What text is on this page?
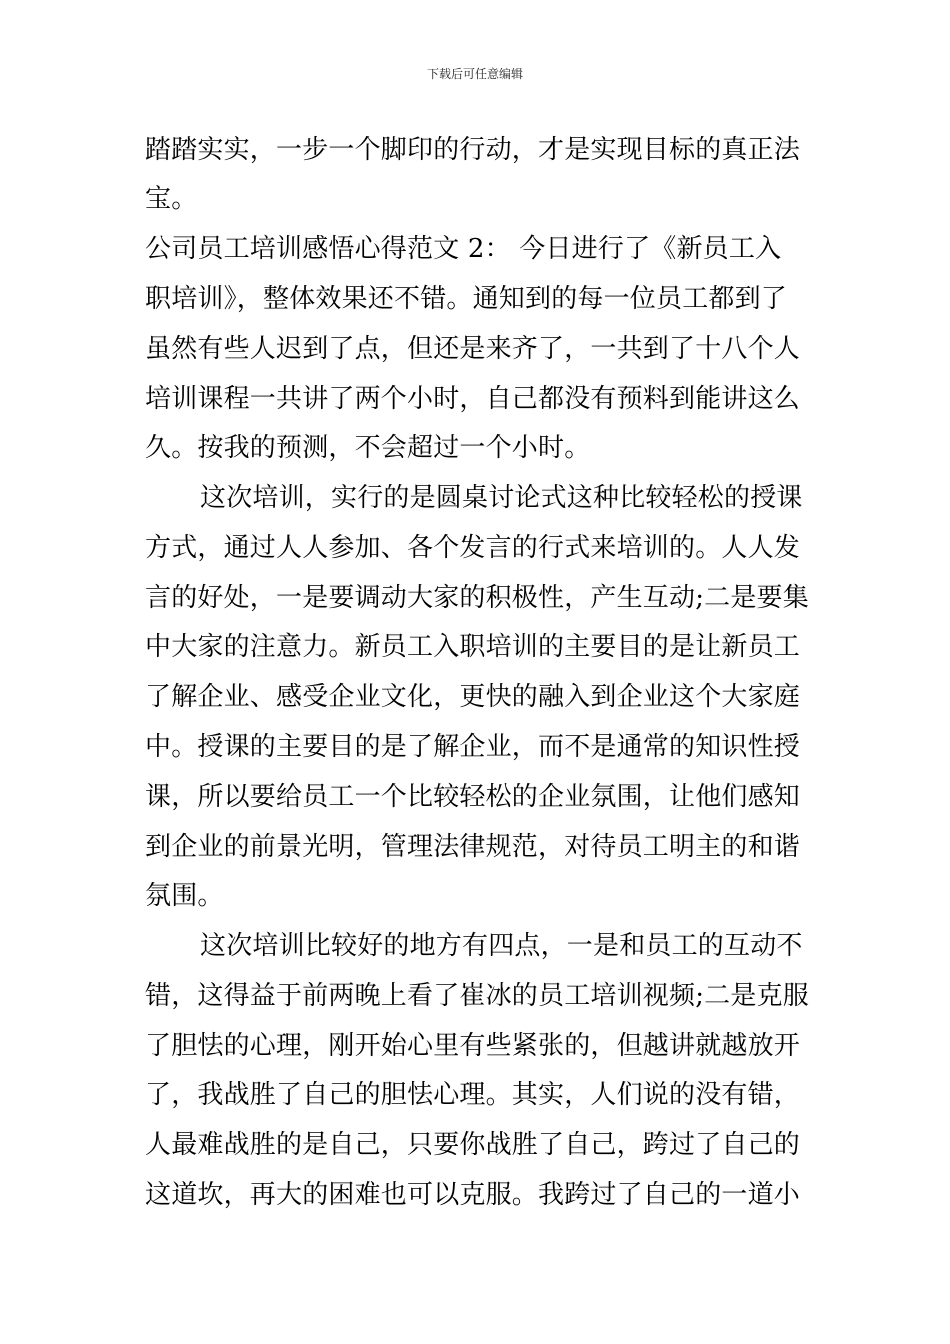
下载后可任意编辑
踏踏实实，一步一个脚印的行动，才是实现目标的真正法
宝。
公司员工培训感悟心得范文 2： 今日进行了《新员工入
职培训》，整体效果还不错。通知到的每一位员工都到了
虽然有些人迟到了点，但还是来齐了，一共到了十八个人
培训课程一共讲了两个小时，自己都没有预料到能讲这么
久。按我的预测，不会超过一个小时。
这次培训，实行的是圆桌讨论式这种比较轻松的授课
方式，通过人人参加、各个发言的行式来培训的。人人发
言的好处，一是要调动大家的积极性，产生互动;二是要集
中大家的注意力。新员工入职培训的主要目的是让新员工
了解企业、感受企业文化，更快的融入到企业这个大家庭
中。授课的主要目的是了解企业，而不是通常的知识性授
课，所以要给员工一个比较轻松的企业氛围，让他们感知
到企业的前景光明，管理法律规范，对待员工明主的和谐
氛围。
这次培训比较好的地方有四点，一是和员工的互动不
错，这得益于前两晚上看了崔冰的员工培训视频;二是克服
了胆怯的心理，刚开始心里有些紧张的，但越讲就越放开
了，我战胜了自己的胆怯心理。其实，人们说的没有错，
人最难战胜的是自己，只要你战胜了自己，跨过了自己的
这道坎，再大的困难也可以克服。我跨过了自己的一道小
